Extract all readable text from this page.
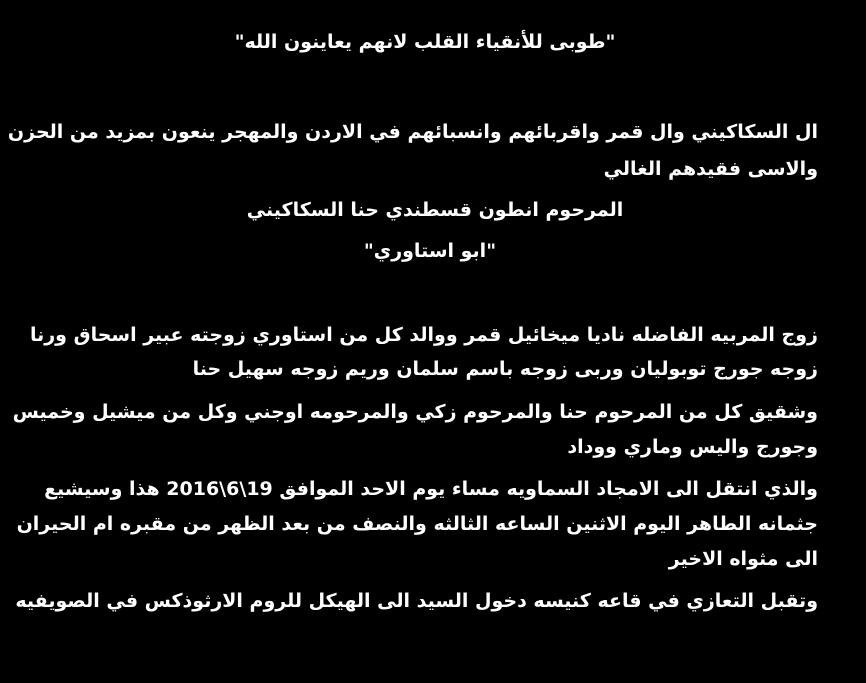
"طوبى للأنقياء القلب لانهم يعاينون الله"
ال السكاكيني وال قمر واقربائهم وانسبائهم في الاردن والمهجر ينعون بمزيد من الحزن
والاسى فقيدهم الغالي
المرحوم انطون قسطندي حنا السكاكيني
"ابو استاوري"
زوج المربيه الفاضله ناديا ميخائيل قمر ووالد كل من استاوري زوجته عبير اسحاق ورنا
زوجه جورج توبوليان وربى زوجه باسم سلمان وريم زوجه سهيل حنا
وشقيق كل من المرحوم حنا والمرحوم زكي والمرحومه اوجني وكل من ميشيل وخميس
وجورج واليس وماري ووداد
والذي انتقل الى الامجاد السماويه مساء يوم الاحد الموافق 19\6\2016 هذا وسيشيع
جثمانه الطاهر اليوم الاثنين الساعه الثالثه والنصف من بعد الظهر من مقبره ام الحيران
الى مثواه الاخير
وتقبل التعازي في قاعه كنيسه دخول السيد الى الهيكل للروم الارثوذكس في الصويفيه
